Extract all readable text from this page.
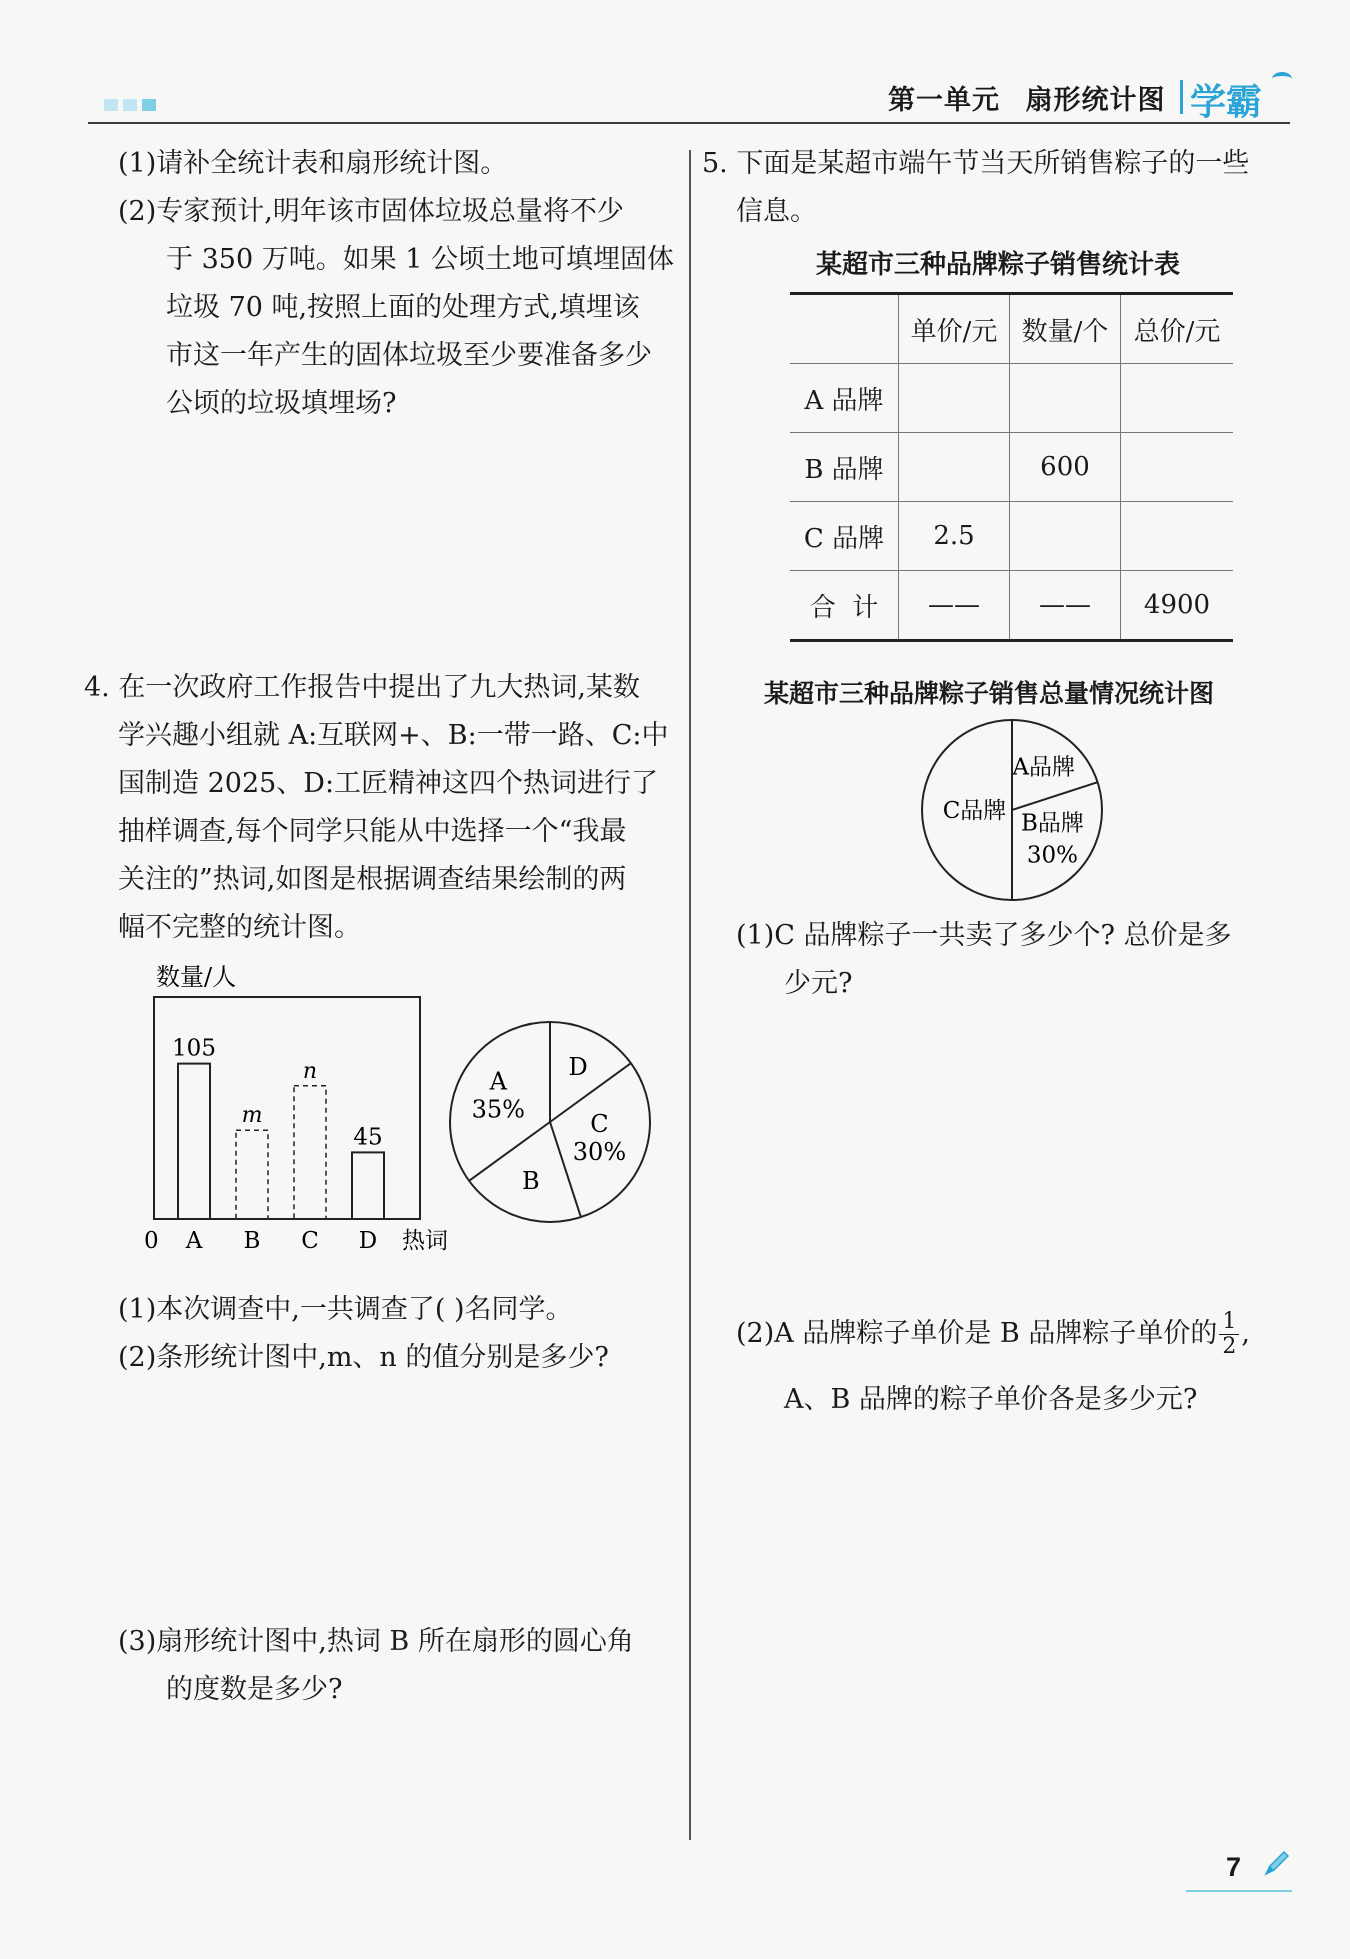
第一单元   扇形统计图 学霸
(1)请补全统计表和扇形统计图。
(2)专家预计,明年该市固体垃圾总量将不少
于 350 万吨。如果 1 公顷土地可填埋固体
垃圾 70 吨,按照上面的处理方式,填埋该
市这一年产生的固体垃圾至少要准备多少
公顷的垃圾填埋场?
4. 在一次政府工作报告中提出了九大热词,某数
学兴趣小组就 A:互联网+、B:一带一路、C:中
国制造 2025、D:工匠精神这四个热词进行了
抽样调查,每个同学只能从中选择一个“我最
关注的”热词,如图是根据调查结果绘制的两
幅不完整的统计图。
数量/人
105
A
m
B
n
C
45
D
0	热词
D
C
30%
B
A
35%
(1)本次调查中,一共调查了( )名同学。
(2)条形统计图中,m、n 的值分别是多少?
(3)扇形统计图中,热词 B 所在扇形的圆心角
的度数是多少?
5. 下面是某超市端午节当天所销售粽子的一些
信息。
某超市三种品牌粽子销售统计表
	单价/元	数量/个	总价/元
A 品牌			
B 品牌		600	
C 品牌	2.5		
合  计	——	——	4900
某超市三种品牌粽子销售总量情况统计图
A品牌
B品牌
30%
C品牌
(1)C 品牌粽子一共卖了多少个? 总价是多
少元?
(2)A 品牌粽子单价是 B 品牌粽子单价的 $\frac{1}{2}$ ,
A、B 品牌的粽子单价各是多少元?
7
